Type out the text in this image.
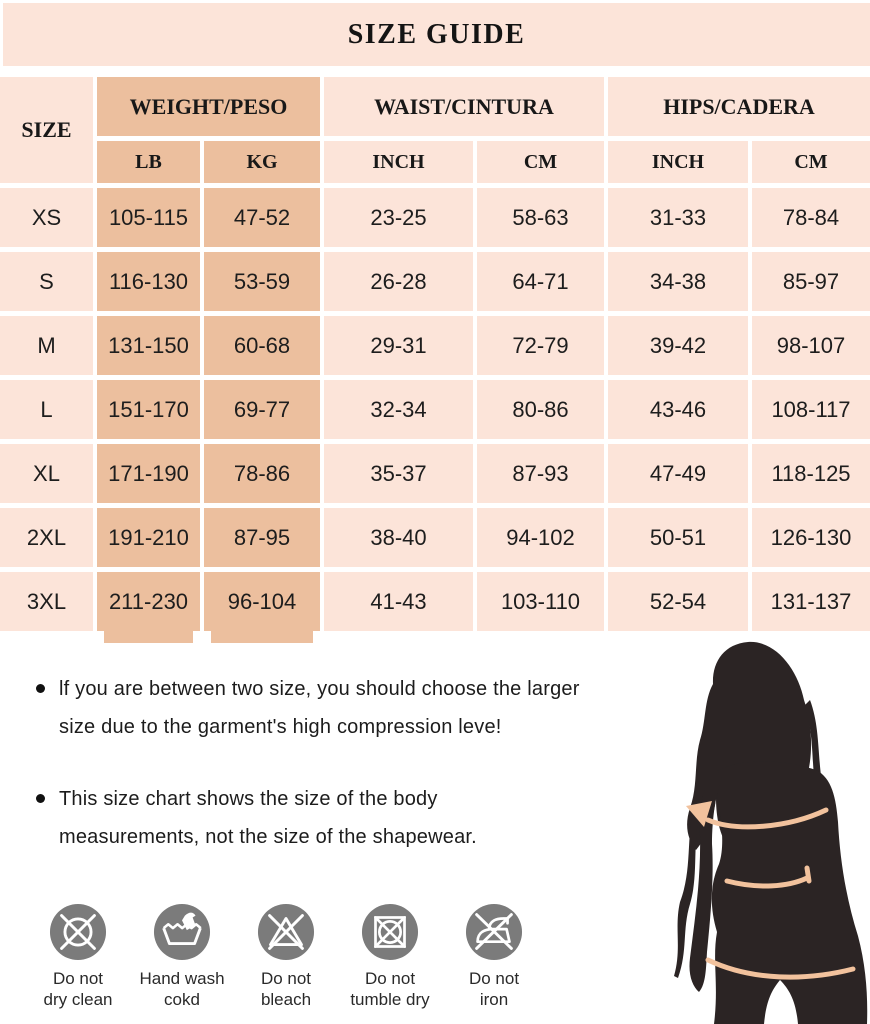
SIZE GUIDE
SIZE
WEIGHT/PESO	WAIST/CINTURA	HIPS/CADERA
LB	KG	INCH	CM	INCH	CM
XS	105-115	47-52	23-25	58-63	31-33	78-84
S	116-130	53-59	26-28	64-71	34-38	85-97
M	131-150	60-68	29-31	72-79	39-42	98-107
L	151-170	69-77	32-34	80-86	43-46	108-117
XL	171-190	78-86	35-37	87-93	47-49	118-125
2XL	191-210	87-95	38-40	94-102	50-51	126-130
3XL	211-230	96-104	41-43	103-110	52-54	131-137
lf you are between two size, you should choose the larger
size due to the garment's high compression leve!
This size chart shows the size of the body
measurements, not the size of the shapewear.
Do not
dry clean
Hand wash
cokd
Do not
bleach
Do not
tumble dry
Do not
iron
